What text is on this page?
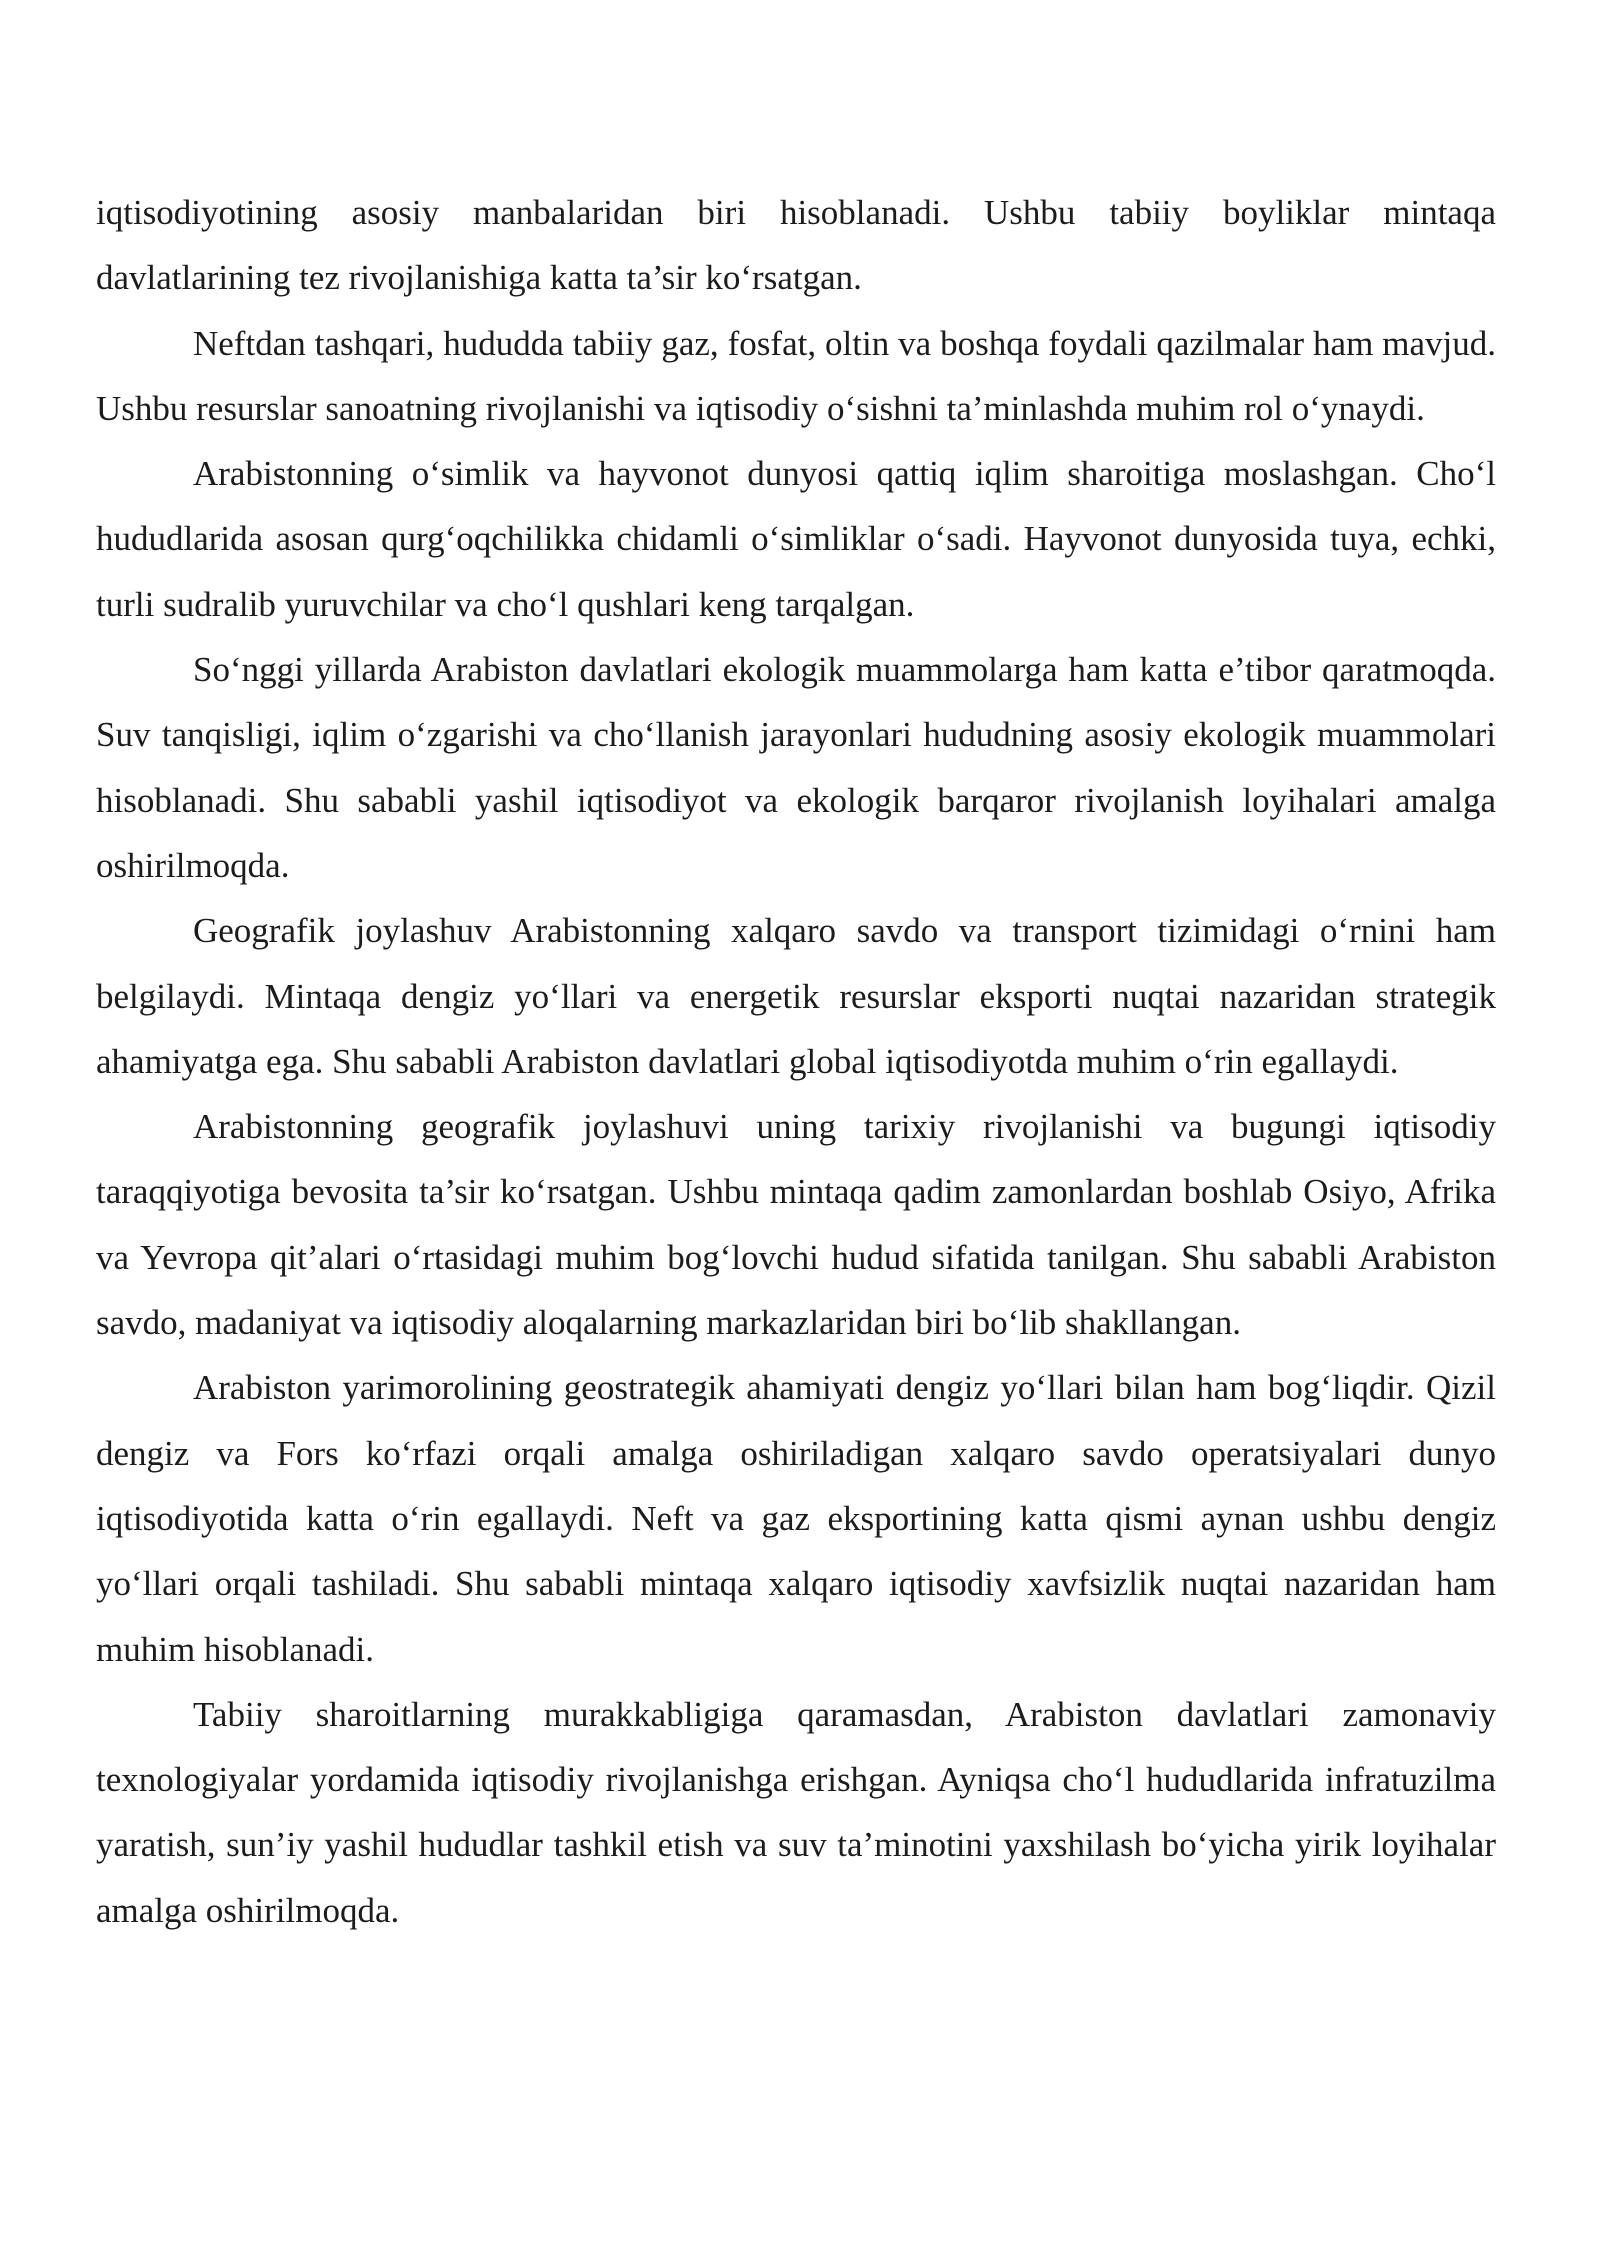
iqtisodiyotining asosiy manbalaridan biri hisoblanadi. Ushbu tabiiy boyliklar mintaqa davlatlarining tez rivojlanishiga katta ta’sir ko‘rsatgan.

Neftdan tashqari, hududda tabiiy gaz, fosfat, oltin va boshqa foydali qazilmalar ham mavjud. Ushbu resurslar sanoatning rivojlanishi va iqtisodiy o‘sishni ta’minlashda muhim rol o‘ynaydi.

Arabistonning o‘simlik va hayvonot dunyosi qattiq iqlim sharoitiga moslashgan. Cho‘l hududlarida asosan qurg‘oqchilikka chidamli o‘simliklar o‘sadi. Hayvonot dunyosida tuya, echki, turli sudralib yuruvchilar va cho‘l qushlari keng tarqalgan.

So‘nggi yillarda Arabiston davlatlari ekologik muammolarga ham katta e’tibor qaratmoqda. Suv tanqisligi, iqlim o‘zgarishi va cho‘llanish jarayonlari hududning asosiy ekologik muammolari hisoblanadi. Shu sababli yashil iqtisodiyot va ekologik barqaror rivojlanish loyihalari amalga oshirilmoqda.

Geografik joylashuv Arabistonning xalqaro savdo va transport tizimidagi o‘rnini ham belgilaydi. Mintaqa dengiz yo‘llari va energetik resurslar eksporti nuqtai nazaridan strategik ahamiyatga ega. Shu sababli Arabiston davlatlari global iqtisodiyotda muhim o‘rin egallaydi.

Arabistonning geografik joylashuvi uning tarixiy rivojlanishi va bugungi iqtisodiy taraqqiyotiga bevosita ta’sir ko‘rsatgan. Ushbu mintaqa qadim zamonlardan boshlab Osiyo, Afrika va Yevropa qit’alari o‘rtasidagi muhim bog‘lovchi hudud sifatida tanilgan. Shu sababli Arabiston savdo, madaniyat va iqtisodiy aloqalarning markazlaridan biri bo‘lib shakllangan.

Arabiston yarimorolining geostrategik ahamiyati dengiz yo‘llari bilan ham bog‘liqdir. Qizil dengiz va Fors ko‘rfazi orqali amalga oshiriladigan xalqaro savdo operatsiyalari dunyo iqtisodiyotida katta o‘rin egallaydi. Neft va gaz eksportining katta qismi aynan ushbu dengiz yo‘llari orqali tashiladi. Shu sababli mintaqa xalqaro iqtisodiy xavfsizlik nuqtai nazaridan ham muhim hisoblanadi.

Tabiiy sharoitlarning murakkabligiga qaramasdan, Arabiston davlatlari zamonaviy texnologiyalar yordamida iqtisodiy rivojlanishga erishgan. Ayniqsa cho‘l hududlarida infratuzilma yaratish, sun’iy yashil hududlar tashkil etish va suv ta’minotini yaxshilash bo‘yicha yirik loyihalar amalga oshirilmoqda.
